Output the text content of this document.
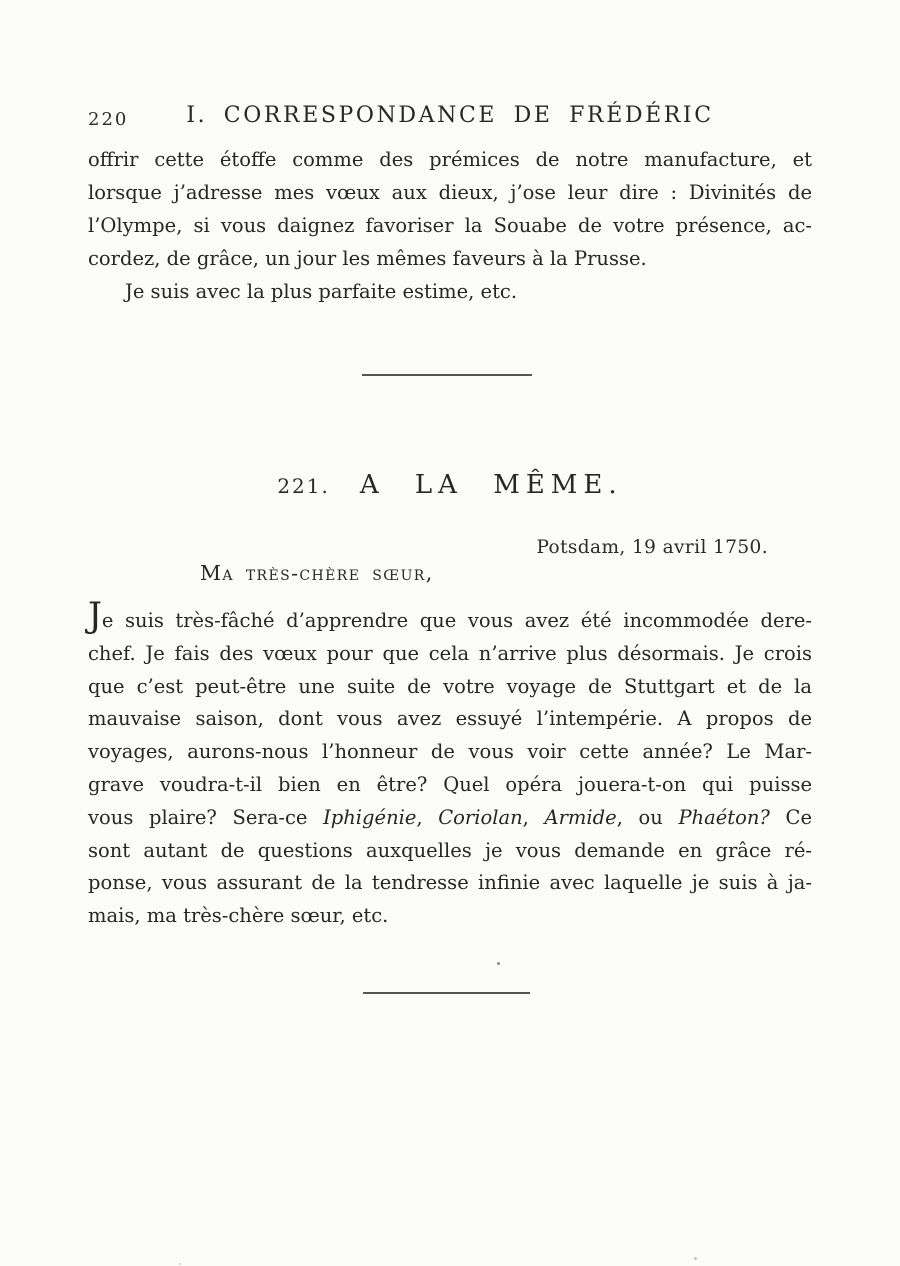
220	I. CORRESPONDANCE DE FRÉDÉRIC
offrir cette étoffe comme des prémices de notre manufacture, et
lorsque j’adresse mes vœux aux dieux, j’ose leur dire : Divinités de
l’Olympe, si vous daignez favoriser la Souabe de votre présence, ac-
cordez, de grâce, un jour les mêmes faveurs à la Prusse.
Je suis avec la plus parfaite estime, etc.
221. A LA MÊME.
Potsdam, 19 avril 1750.
Ma très-chère sœur,
Je suis très-fâché d’apprendre que vous avez été incommodée dere-
chef. Je fais des vœux pour que cela n’arrive plus désormais. Je crois
que c’est peut-être une suite de votre voyage de Stuttgart et de la
mauvaise saison, dont vous avez essuyé l’intempérie. A propos de
voyages, aurons-nous l’honneur de vous voir cette année? Le Mar-
grave voudra-t-il bien en être? Quel opéra jouera-t-on qui puisse
vous plaire? Sera-ce Iphigénie, Coriolan, Armide, ou Phaéton? Ce
sont autant de questions auxquelles je vous demande en grâce ré-
ponse, vous assurant de la tendresse infinie avec laquelle je suis à ja-
mais, ma très-chère sœur, etc.
